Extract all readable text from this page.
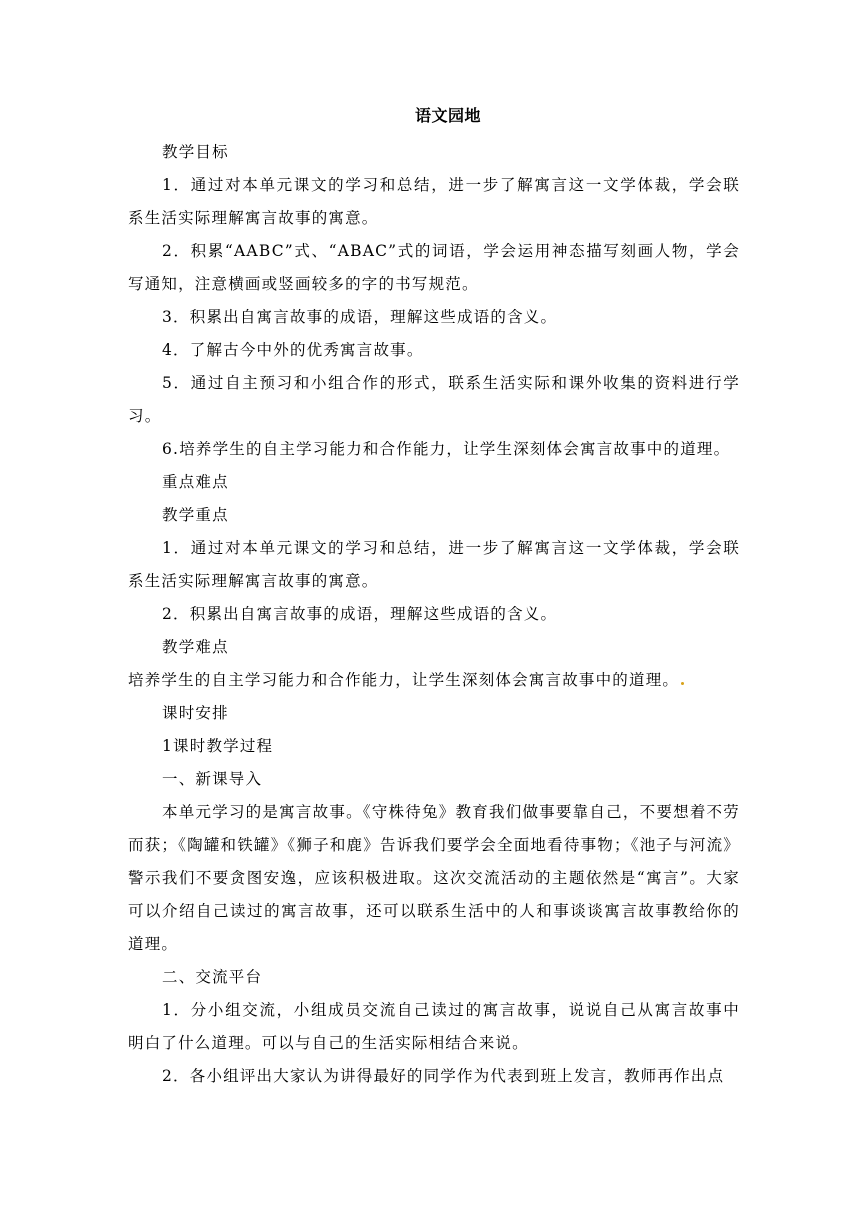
语文园地

教学目标

1．通过对本单元课文的学习和总结，进一步了解寓言这一文学体裁，学会联系生活实际理解寓言故事的寓意。

2．积累“AABC”式、“ABAC”式的词语，学会运用神态描写刻画人物，学会写通知，注意横画或竖画较多的字的书写规范。

3．积累出自寓言故事的成语，理解这些成语的含义。

4．了解古今中外的优秀寓言故事。

5．通过自主预习和小组合作的形式，联系生活实际和课外收集的资料进行学习。

6.培养学生的自主学习能力和合作能力，让学生深刻体会寓言故事中的道理。

重点难点

教学重点

1．通过对本单元课文的学习和总结，进一步了解寓言这一文学体裁，学会联系生活实际理解寓言故事的寓意。

2．积累出自寓言故事的成语，理解这些成语的含义。

教学难点

培养学生的自主学习能力和合作能力，让学生深刻体会寓言故事中的道理。

课时安排

1课时教学过程

一、新课导入

本单元学习的是寓言故事。《守株待兔》教育我们做事要靠自己，不要想着不劳而获；《陶罐和铁罐》《狮子和鹿》告诉我们要学会全面地看待事物；《池子与河流》警示我们不要贪图安逸，应该积极进取。这次交流活动的主题依然是“寓言”。大家可以介绍自己读过的寓言故事，还可以联系生活中的人和事谈谈寓言故事教给你的道理。

二、交流平台

1．分小组交流，小组成员交流自己读过的寓言故事，说说自己从寓言故事中明白了什么道理。可以与自己的生活实际相结合来说。

2．各小组评出大家认为讲得最好的同学作为代表到班上发言，教师再作出点
